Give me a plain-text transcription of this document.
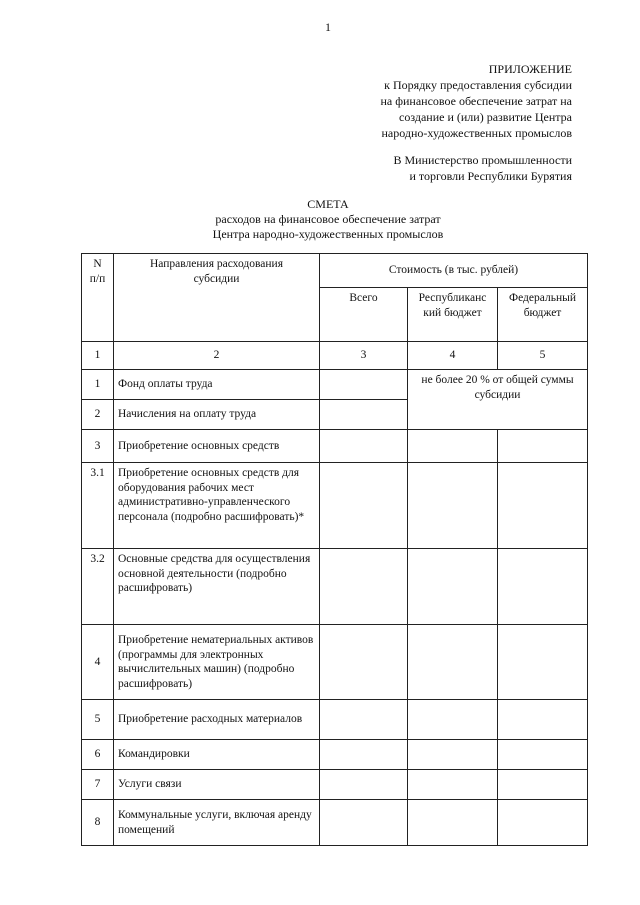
1
ПРИЛОЖЕНИЕ
к Порядку предоставления субсидии
на финансовое обеспечение затрат на
создание и (или) развитие Центра
народно-художественных промыслов
В Министерство промышленности
и торговли Республики Бурятия
СМЕТА
расходов на финансовое обеспечение затрат
Центра народно-художественных промыслов
N
п/п	Направления расходования субсидии	Стоимость (в тыс. рублей)		
		Всего	Республиканс кий бюджет	Федеральный бюджет
1	2	3	4	5
1	Фонд оплаты труда		не более 20 % от общей суммы субсидии	
2	Начисления на оплату труда			
3	Приобретение основных средств			
3.1	Приобретение основных средств для оборудования рабочих мест административно-управленческого персонала (подробно расшифровать)*			
3.2	Основные средства для осуществления основной деятельности (подробно расшифровать)			
4	Приобретение нематериальных активов (программы для электронных вычислительных машин) (подробно расшифровать)			
5	Приобретение расходных материалов			
6	Командировки			
7	Услуги связи			
8	Коммунальные услуги, включая аренду помещений			
